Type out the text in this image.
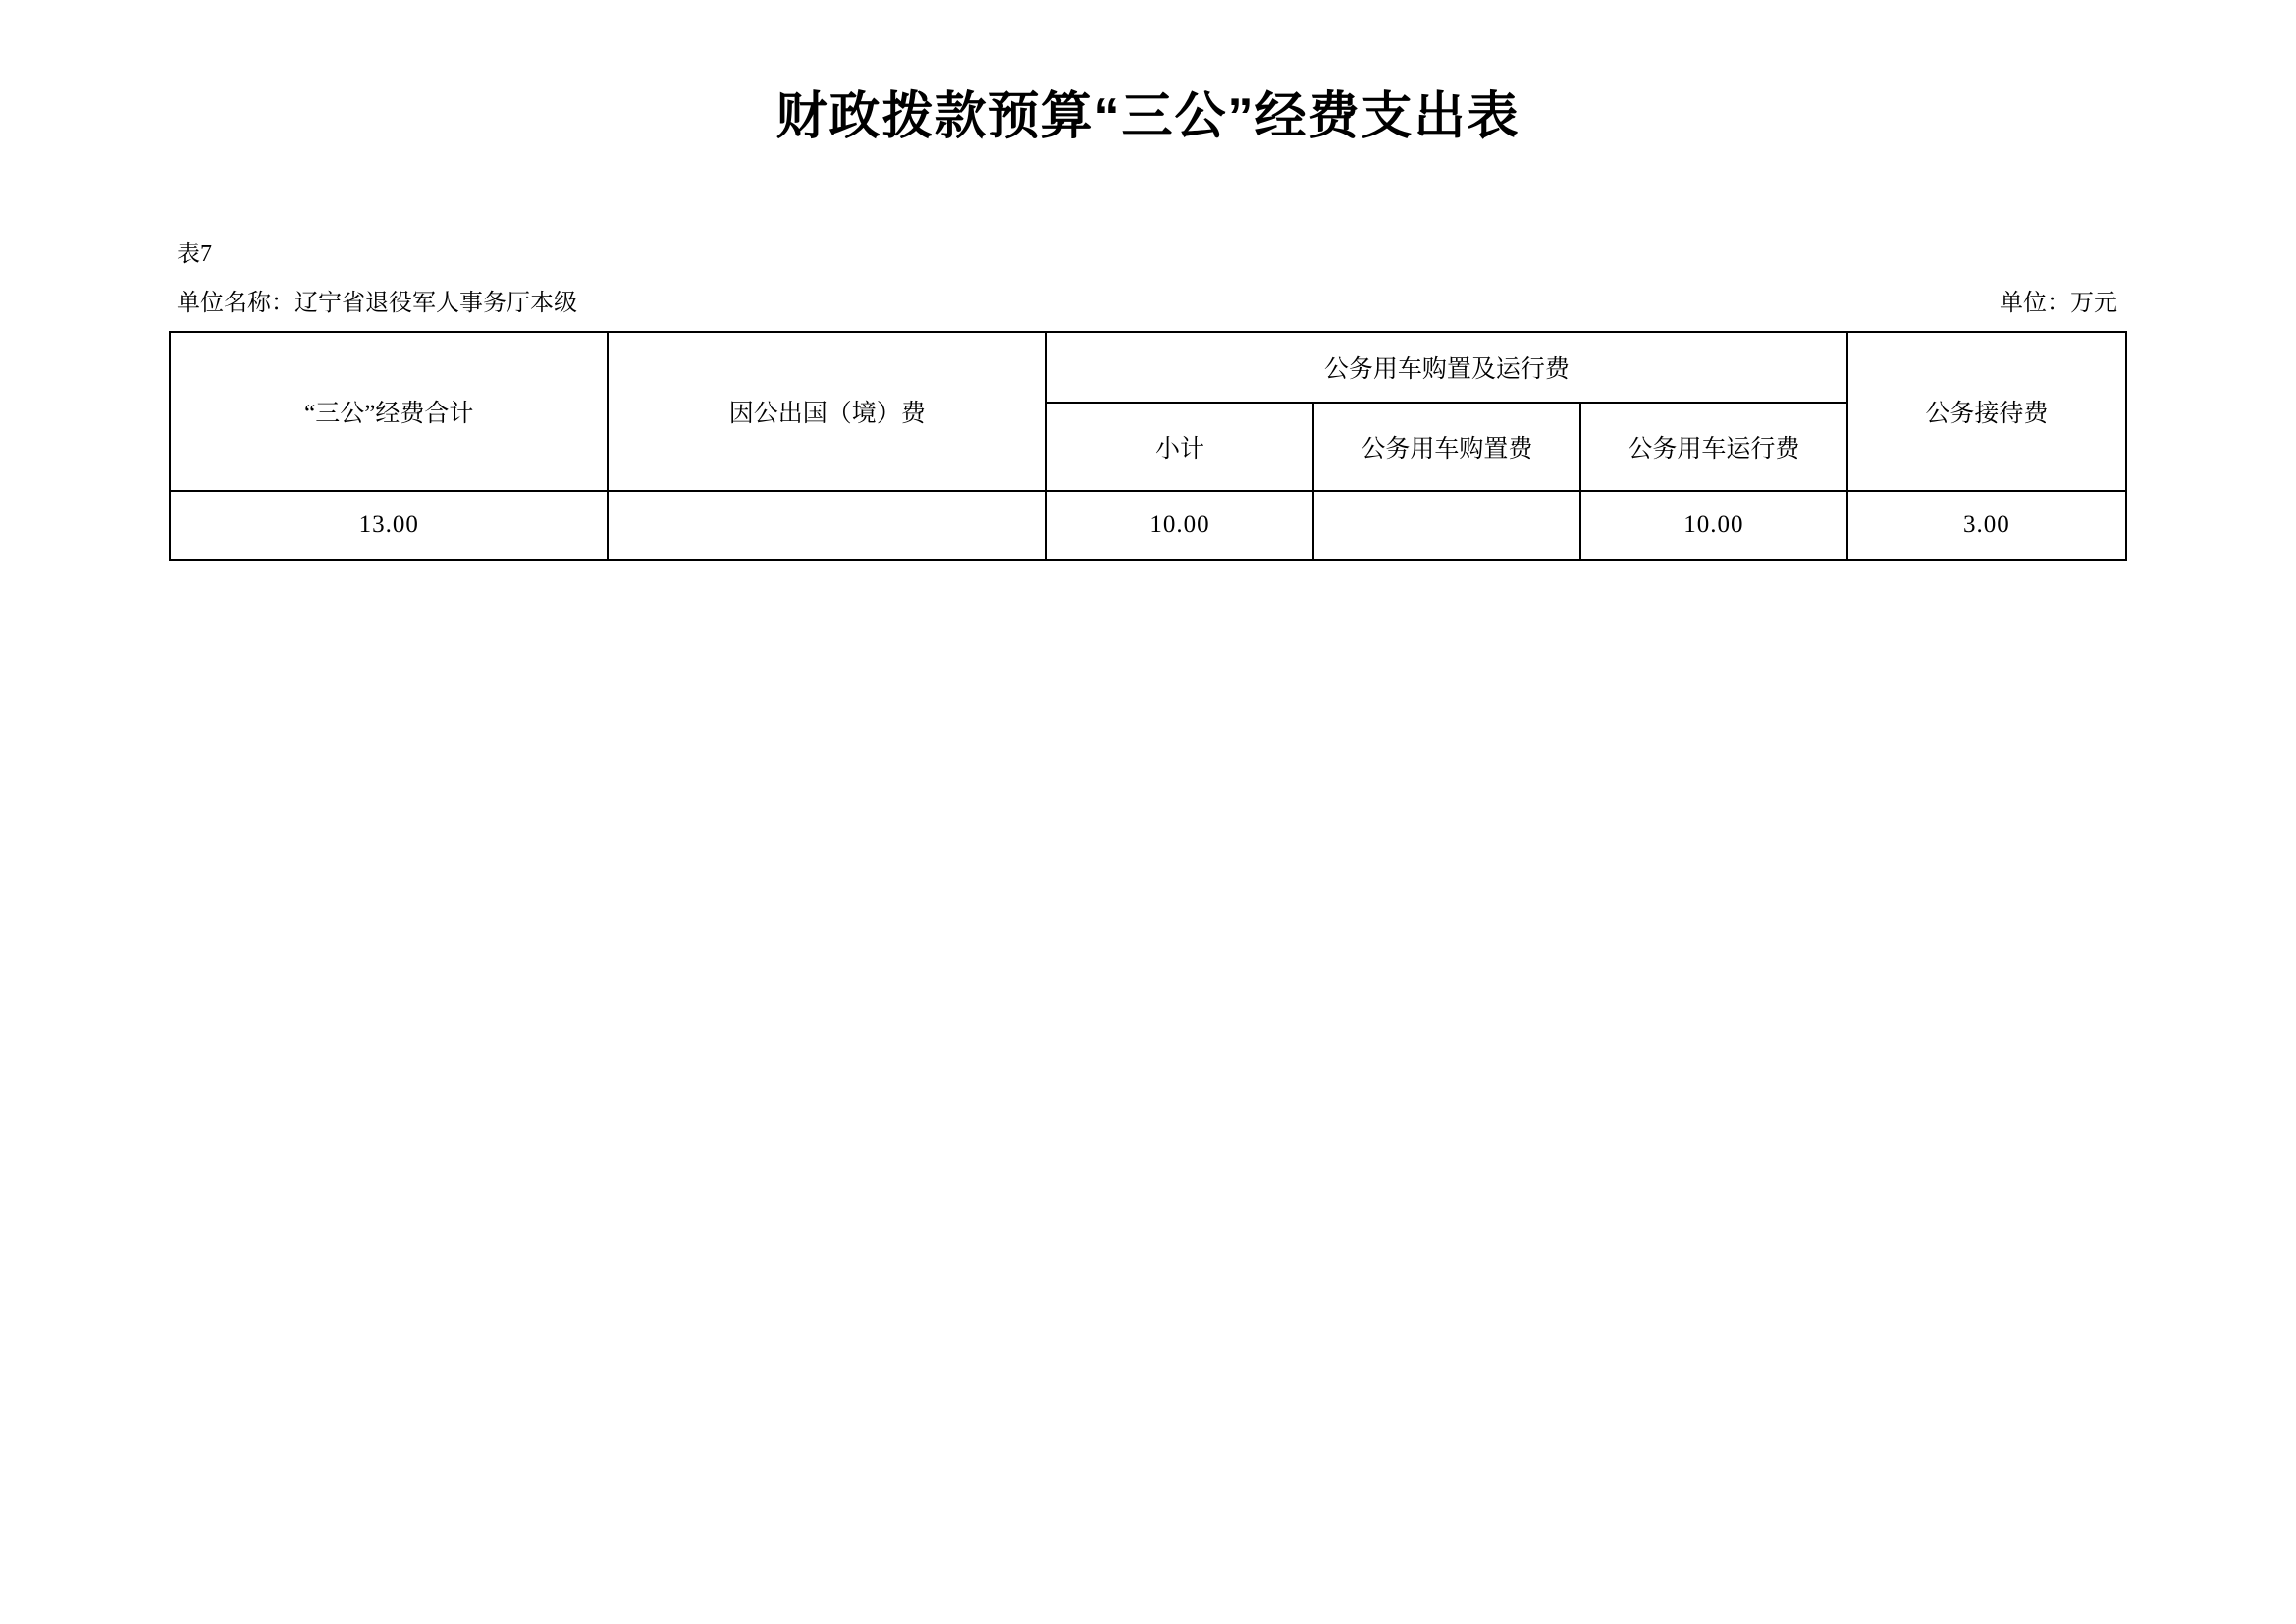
财政拨款预算“三公”经费支出表
表7
单位名称：辽宁省退役军人事务厅本级	单位：万元
“三公”经费合计	因公出国（境）费	公务用车购置及运行费			公务接待费
		小计	公务用车购置费	公务用车运行费	
13.00		10.00		10.00	3.00
